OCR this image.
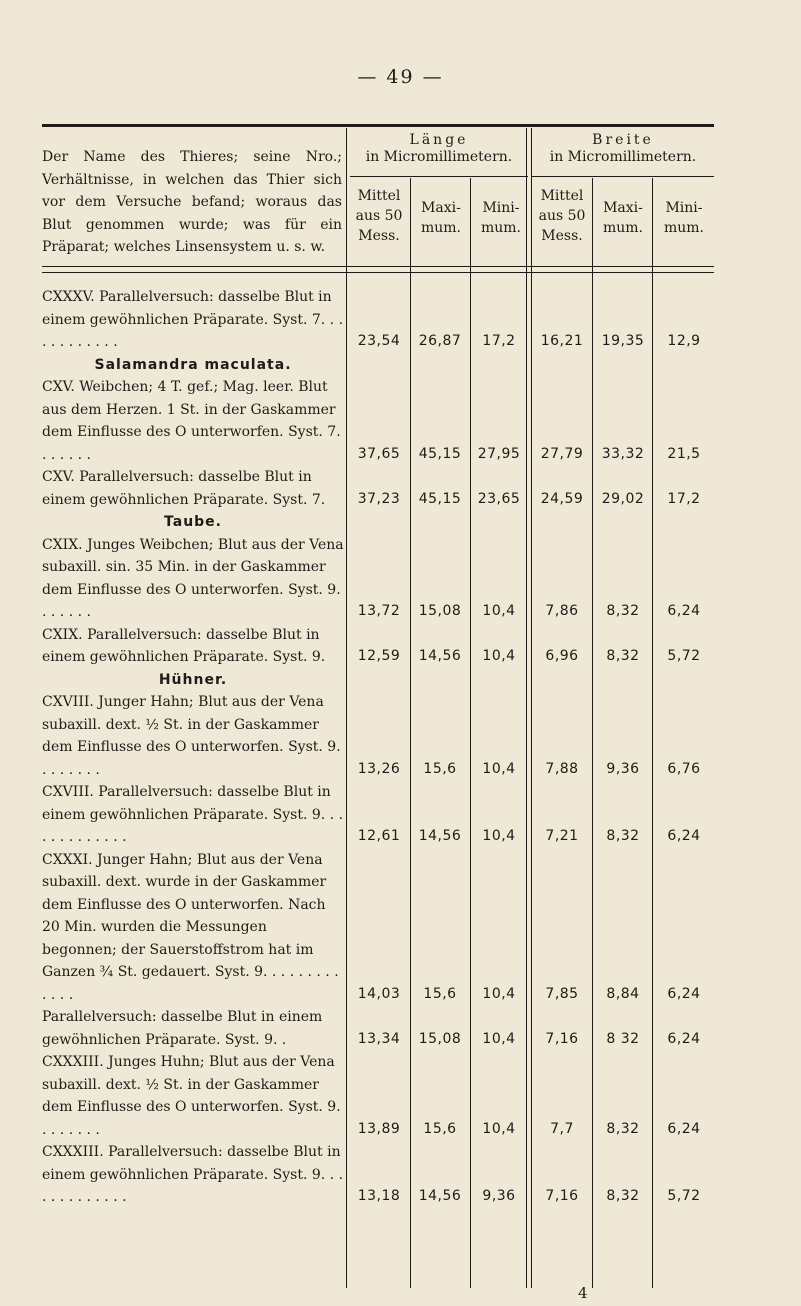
— 49 —
Der Name des Thieres; seine Nro.; Verhältnisse, in welchen das Thier sich vor dem Versuche befand; woraus das Blut genommen wurde; was für ein Präparat; welches Linsensystem u. s. w.
Länge
in Micromillimetern.
Breite
in Micromillimetern.
Mittel aus 50 Mess.
Maxi- mum.
Mini- mum.
Mittel aus 50 Mess.
Maxi- mum.
Mini- mum.
CXXXV. Parallelversuch: dasselbe Blut in einem gewöhnlichen Präparate. Syst. 7. . . . . . . . . . . .	23,54	26,87	17,2	16,21	19,35	12,9
Salamandra maculata.
CXV. Weibchen; 4 T. gef.; Mag. leer. Blut aus dem Herzen. 1 St. in der Gaskammer dem Einflusse des O unterworfen. Syst. 7. . . . . . .	37,65	45,15	27,95	27,79	33,32	21,5
CXV. Parallelversuch: dasselbe Blut in einem gewöhnlichen Präparate. Syst. 7.	37,23	45,15	23,65	24,59	29,02	17,2
Taube.
CXIX. Junges Weibchen; Blut aus der Vena subaxill. sin. 35 Min. in der Gaskammer dem Einflusse des O unterworfen. Syst. 9. . . . . . .	13,72	15,08	10,4	7,86	8,32	6,24
CXIX. Parallelversuch: dasselbe Blut in einem gewöhnlichen Präparate. Syst. 9.	12,59	14,56	10,4	6,96	8,32	5,72
Hühner.
CXVIII. Junger Hahn; Blut aus der Vena subaxill. dext. ½ St. in der Gaskammer dem Einflusse des O unterworfen. Syst. 9. . . . . . . .	13,26	15,6	10,4	7,88	9,36	6,76
CXVIII. Parallelversuch: dasselbe Blut in einem gewöhnlichen Präparate. Syst. 9. . . . . . . . . . . . .	12,61	14,56	10,4	7,21	8,32	6,24
CXXXI. Junger Hahn; Blut aus der Vena subaxill. dext. wurde in der Gaskammer dem Einflusse des O unterworfen. Nach 20 Min. wurden die Messungen begonnen; der Sauerstoffstrom hat im Ganzen ¾ St. gedauert. Syst. 9. . . . . . . . . . . . .	14,03	15,6	10,4	7,85	8,84	6,24
Parallelversuch: dasselbe Blut in einem gewöhnlichen Präparate. Syst. 9. .	13,34	15,08	10,4	7,16	8 32	6,24
CXXXIII. Junges Huhn; Blut aus der Vena subaxill. dext. ½ St. in der Gaskammer dem Einflusse des O unterworfen. Syst. 9. . . . . . . .	13,89	15,6	10,4	7,7	8,32	6,24
CXXXIII. Parallelversuch: dasselbe Blut in einem gewöhnlichen Präparate. Syst. 9. . . . . . . . . . . . .	13,18	14,56	9,36	7,16	8,32	5,72
4
